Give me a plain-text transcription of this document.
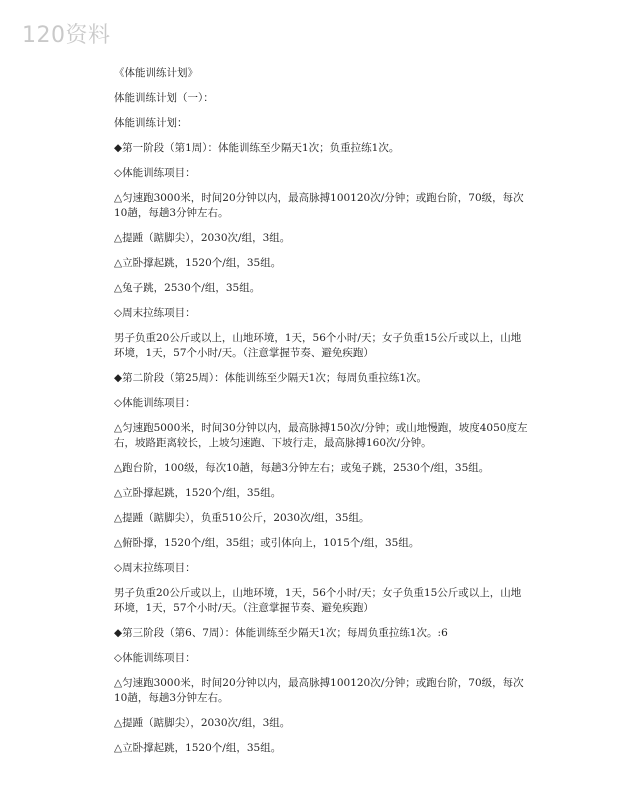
120资料

《体能训练计划》

体能训练计划（一）：

体能训练计划：

◆第一阶段（第1周）：体能训练至少隔天1次；负重拉练1次。

◇体能训练项目：

△匀速跑3000米，时间20分钟以内，最高脉搏100120次/分钟；或跑台阶，70级，每次10趟，每趟3分钟左右。

△提踵（踮脚尖），2030次/组，3组。

△立卧撑起跳，1520个/组，35组。

△兔子跳，2530个/组，35组。

◇周末拉练项目：

男子负重20公斤或以上，山地环境，1天，56个小时/天；女子负重15公斤或以上，山地环境，1天，57个小时/天。（注意掌握节奏、避免疾跑）

◆第二阶段（第25周）：体能训练至少隔天1次；每周负重拉练1次。

◇体能训练项目：

△匀速跑5000米，时间30分钟以内，最高脉搏150次/分钟；或山地慢跑，坡度4050度左右，坡路距离较长，上坡匀速跑、下坡行走，最高脉搏160次/分钟。

△跑台阶，100级，每次10趟，每趟3分钟左右；或兔子跳，2530个/组，35组。

△立卧撑起跳，1520个/组，35组。

△提踵（踮脚尖），负重510公斤，2030次/组，35组。

△俯卧撑，1520个/组，35组；或引体向上，1015个/组，35组。

◇周末拉练项目：

男子负重20公斤或以上，山地环境，1天，56个小时/天；女子负重15公斤或以上，山地环境，1天，57个小时/天。（注意掌握节奏、避免疾跑）

◆第三阶段（第6、7周）：体能训练至少隔天1次；每周负重拉练1次。:6

◇体能训练项目：

△匀速跑3000米，时间20分钟以内，最高脉搏100120次/分钟；或跑台阶，70级，每次10趟，每趟3分钟左右。

△提踵（踮脚尖），2030次/组，3组。

△立卧撑起跳，1520个/组，35组。
